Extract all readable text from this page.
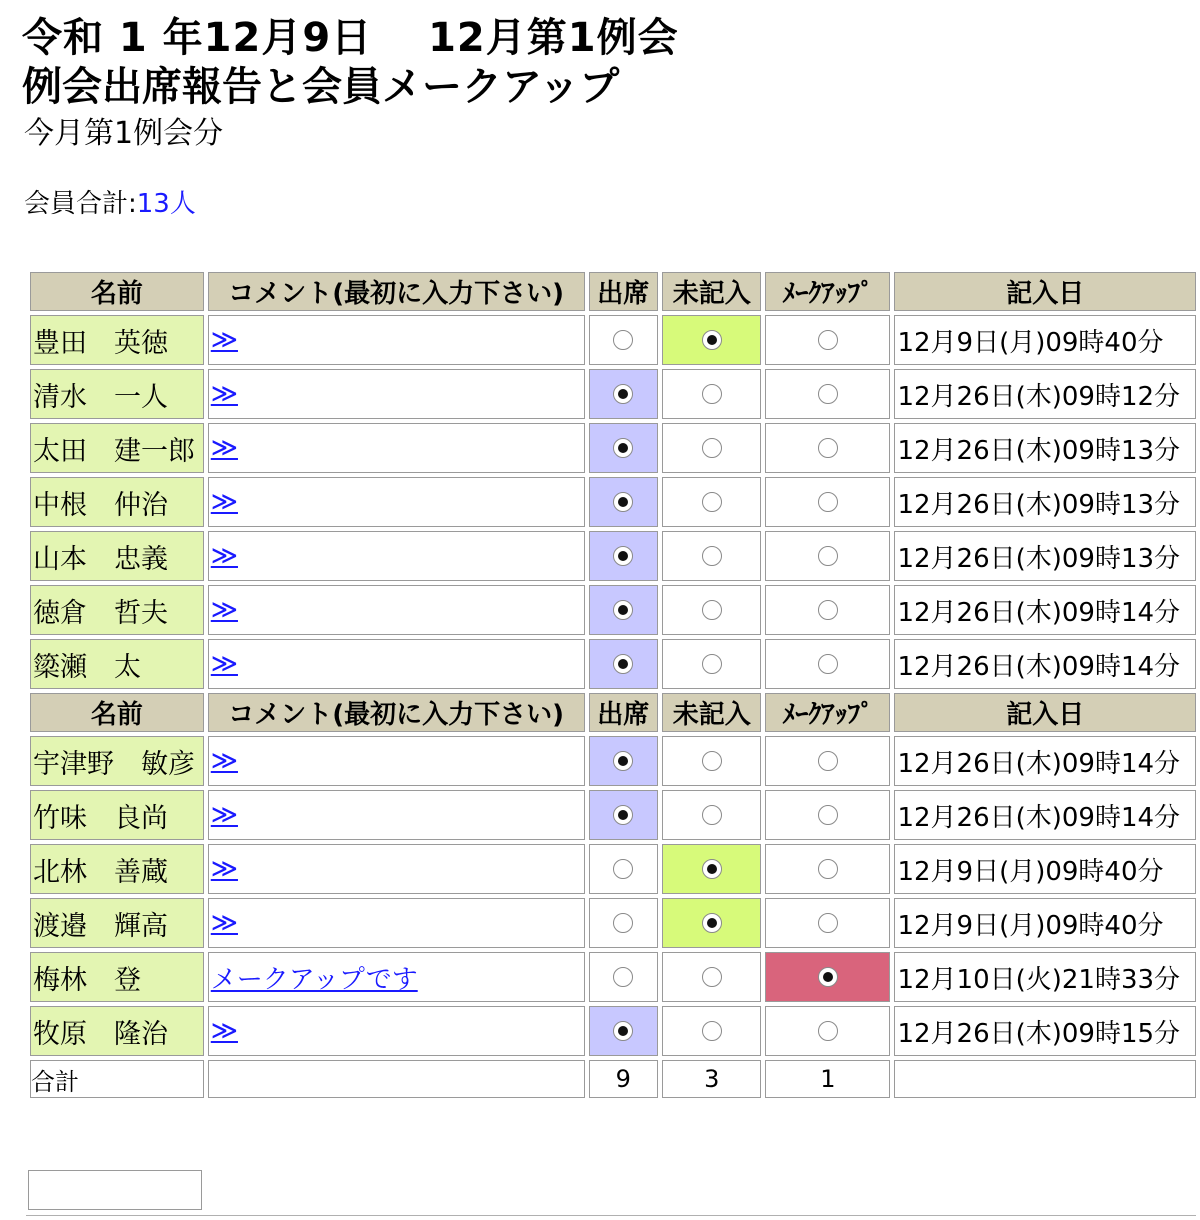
令和 1 年12月9日　 12月第1例会
例会出席報告と会員メークアップ
今月第1例会分
会員合計:13人
名前	コメント(最初に入力下さい)	出席	未記入	ﾒｰｸｱｯﾌﾟ	記入日
豊田　英徳	≫				12月9日(月)09時40分
清水　一人	≫				12月26日(木)09時12分
太田　建一郎	≫				12月26日(木)09時13分
中根　仲治	≫				12月26日(木)09時13分
山本　忠義	≫				12月26日(木)09時13分
徳倉　哲夫	≫				12月26日(木)09時14分
簗瀬　太	≫				12月26日(木)09時14分
名前	コメント(最初に入力下さい)	出席	未記入	ﾒｰｸｱｯﾌﾟ	記入日
宇津野　敏彦	≫				12月26日(木)09時14分
竹味　良尚	≫				12月26日(木)09時14分
北林　善蔵	≫				12月9日(月)09時40分
渡邉　輝高	≫				12月9日(月)09時40分
梅林　登	メークアップです				12月10日(火)21時33分
牧原　隆治	≫				12月26日(木)09時15分
合計		9	3	1	
